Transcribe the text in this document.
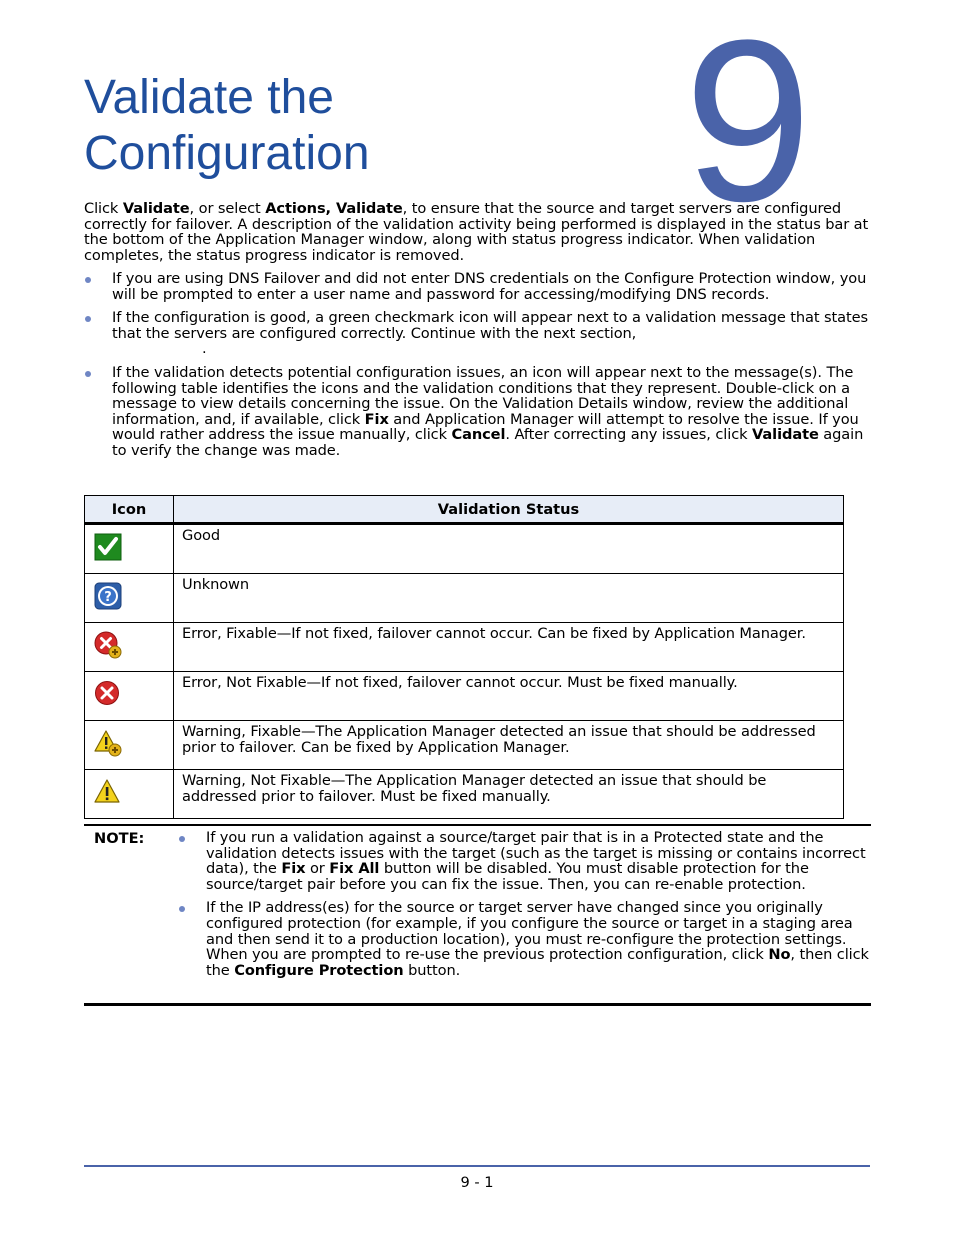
Validate the
Configuration 9

Click Validate, or select Actions, Validate, to ensure that the source and target servers are configured correctly for failover. A description of the validation activity being performed is displayed in the status bar at the bottom of the Application Manager window, along with status progress indicator. When validation completes, the status progress indicator is removed.

If you are using DNS Failover and did not enter DNS credentials on the Configure Protection window, you will be prompted to enter a user name and password for accessing/modifying DNS records.
If the configuration is good, a green checkmark icon will appear next to a validation message that states that the servers are configured correctly. Continue with the next section,
.
If the validation detects potential configuration issues, an icon will appear next to the message(s). The following table identifies the icons and the validation conditions that they represent. Double-click on a message to view details concerning the issue. On the Validation Details window, review the additional information, and, if available, click Fix and Application Manager will attempt to resolve the issue. If you would rather address the issue manually, click Cancel. After correcting any issues, click Validate again to verify the change was made.
Icon	Validation Status

	Good

?	Unknown

	Error, Fixable—If not fixed, failover cannot occur. Can be fixed by Application Manager.

	Error, Not Fixable—If not fixed, failover cannot occur. Must be fixed manually.

	Warning, Fixable—The Application Manager detected an issue that should be addressed prior to failover. Can be fixed by Application Manager.

	Warning, Not Fixable—The Application Manager detected an issue that should be addressed prior to failover. Must be fixed manually.
NOTE:	If you run a validation against a source/target pair that is in a Protected state and the validation detects issues with the target (such as the target is missing or contains incorrect data), the Fix or Fix All button will be disabled. You must disable protection for the source/target pair before you can fix the issue. Then, you can re-enable protection.
If the IP address(es) for the source or target server have changed since you originally configured protection (for example, if you configure the source or target in a staging area and then send it to a production location), you must re-configure the protection settings. When you are prompted to re-use the previous protection configuration, click No, then click the Configure Protection button.
9 - 1
